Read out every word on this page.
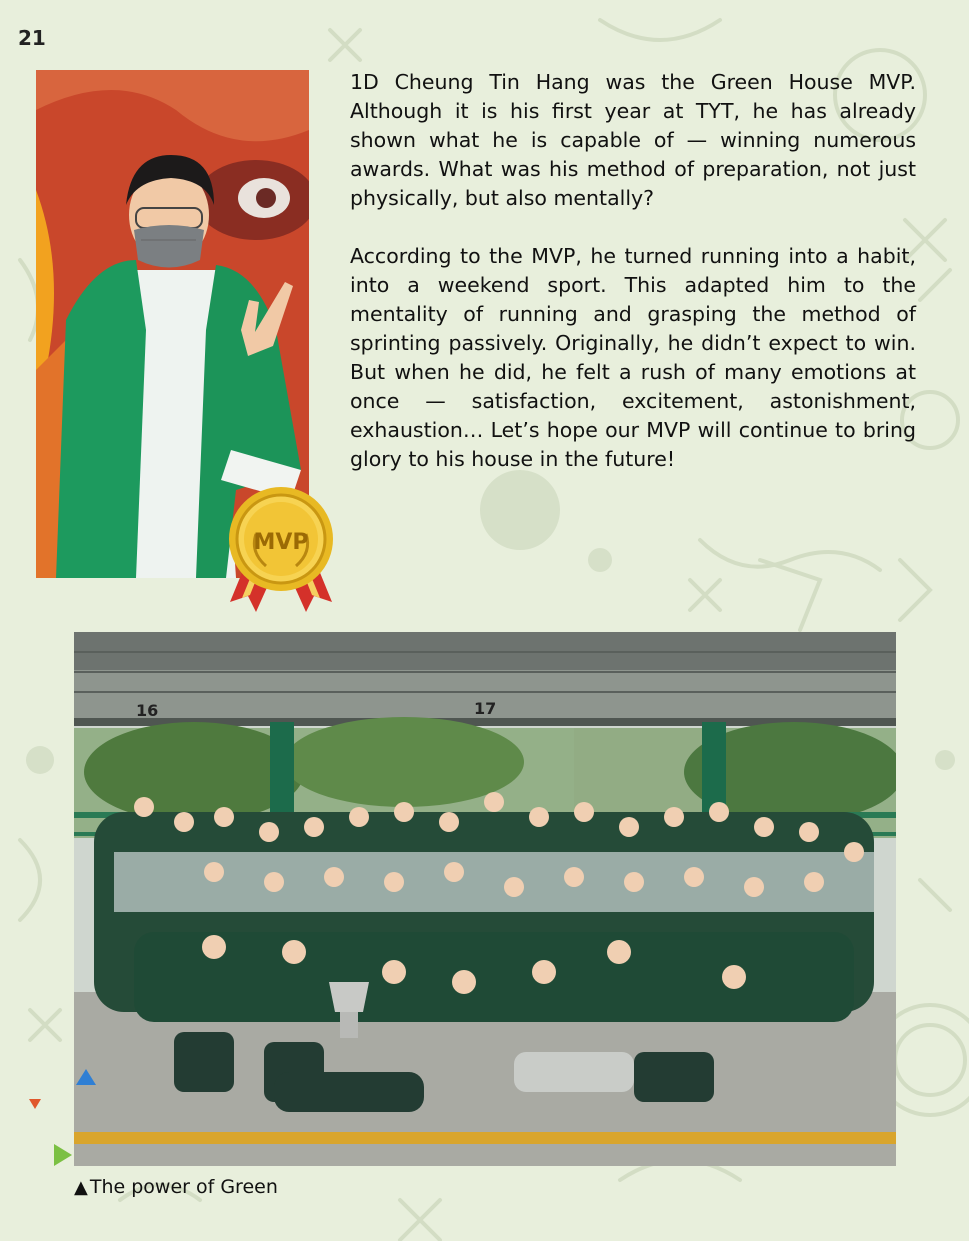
21
MVP

1D Cheung Tin Hang was the Green House MVP. Although it is his first year at TYT, he has already shown what he is capable of — winning numerous awards. What was his method of preparation, not just physically, but also mentally?

According to the MVP, he turned running into a habit, into a weekend sport. This adapted him to the mentality of running and grasping the method of sprinting passively. Originally, he didn’t expect to win. But when he did, he felt a rush of many emotions at once — satisfaction, excitement, astonishment, exhaustion… Let’s hope our MVP will continue to bring glory to his house in the future!

16	17
▲ The power of Green
